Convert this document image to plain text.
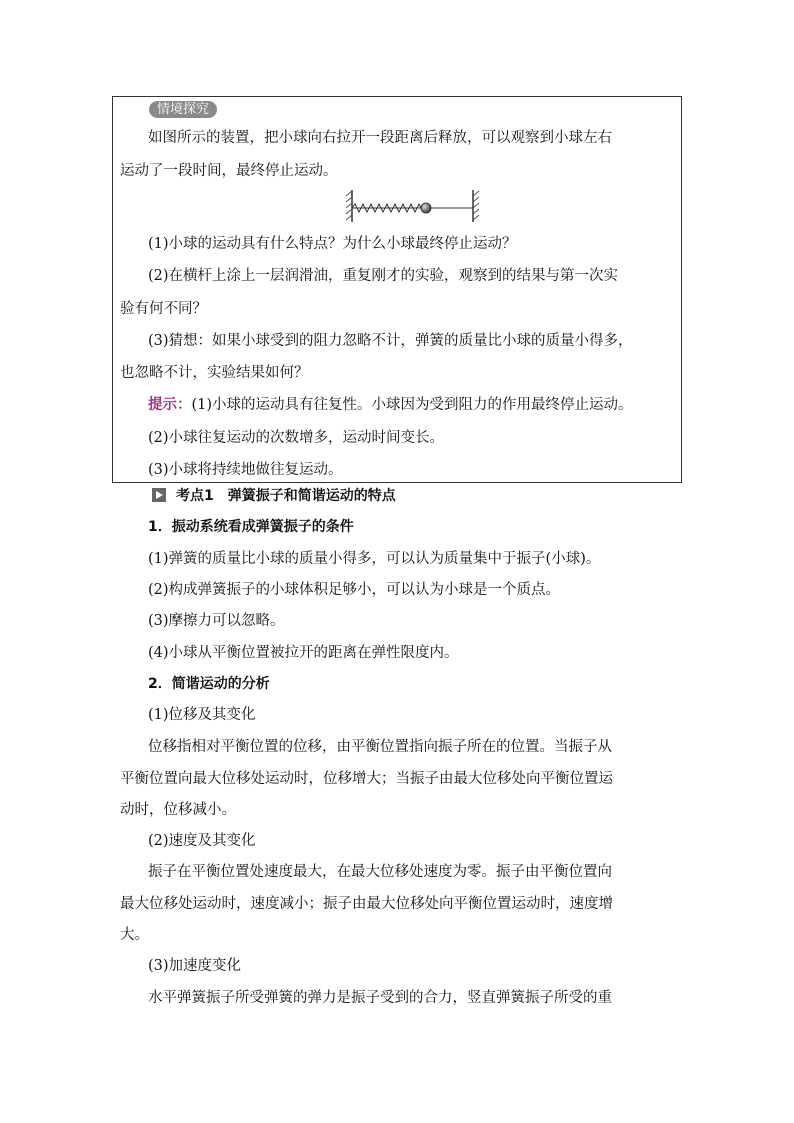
情境探究
如图所示的装置，把小球向右拉开一段距离后释放，可以观察到小球左右
运动了一段时间，最终停止运动。
(1)小球的运动具有什么特点？为什么小球最终停止运动？
(2)在横杆上涂上一层润滑油，重复刚才的实验，观察到的结果与第一次实
验有何不同？
(3)猜想：如果小球受到的阻力忽略不计，弹簧的质量比小球的质量小得多，
也忽略不计，实验结果如何？
提示：(1)小球的运动具有往复性。小球因为受到阻力的作用最终停止运动。
(2)小球往复运动的次数增多，运动时间变长。
(3)小球将持续地做往复运动。
考点1　弹簧振子和简谐运动的特点
1．振动系统看成弹簧振子的条件
(1)弹簧的质量比小球的质量小得多，可以认为质量集中于振子(小球)。
(2)构成弹簧振子的小球体积足够小，可以认为小球是一个质点。
(3)摩擦力可以忽略。
(4)小球从平衡位置被拉开的距离在弹性限度内。
2．简谐运动的分析
(1)位移及其变化
位移指相对平衡位置的位移，由平衡位置指向振子所在的位置。当振子从
平衡位置向最大位移处运动时，位移增大；当振子由最大位移处向平衡位置运
动时，位移减小。
(2)速度及其变化
振子在平衡位置处速度最大，在最大位移处速度为零。振子由平衡位置向
最大位移处运动时，速度减小；振子由最大位移处向平衡位置运动时，速度增
大。
(3)加速度变化
水平弹簧振子所受弹簧的弹力是振子受到的合力，竖直弹簧振子所受的重
